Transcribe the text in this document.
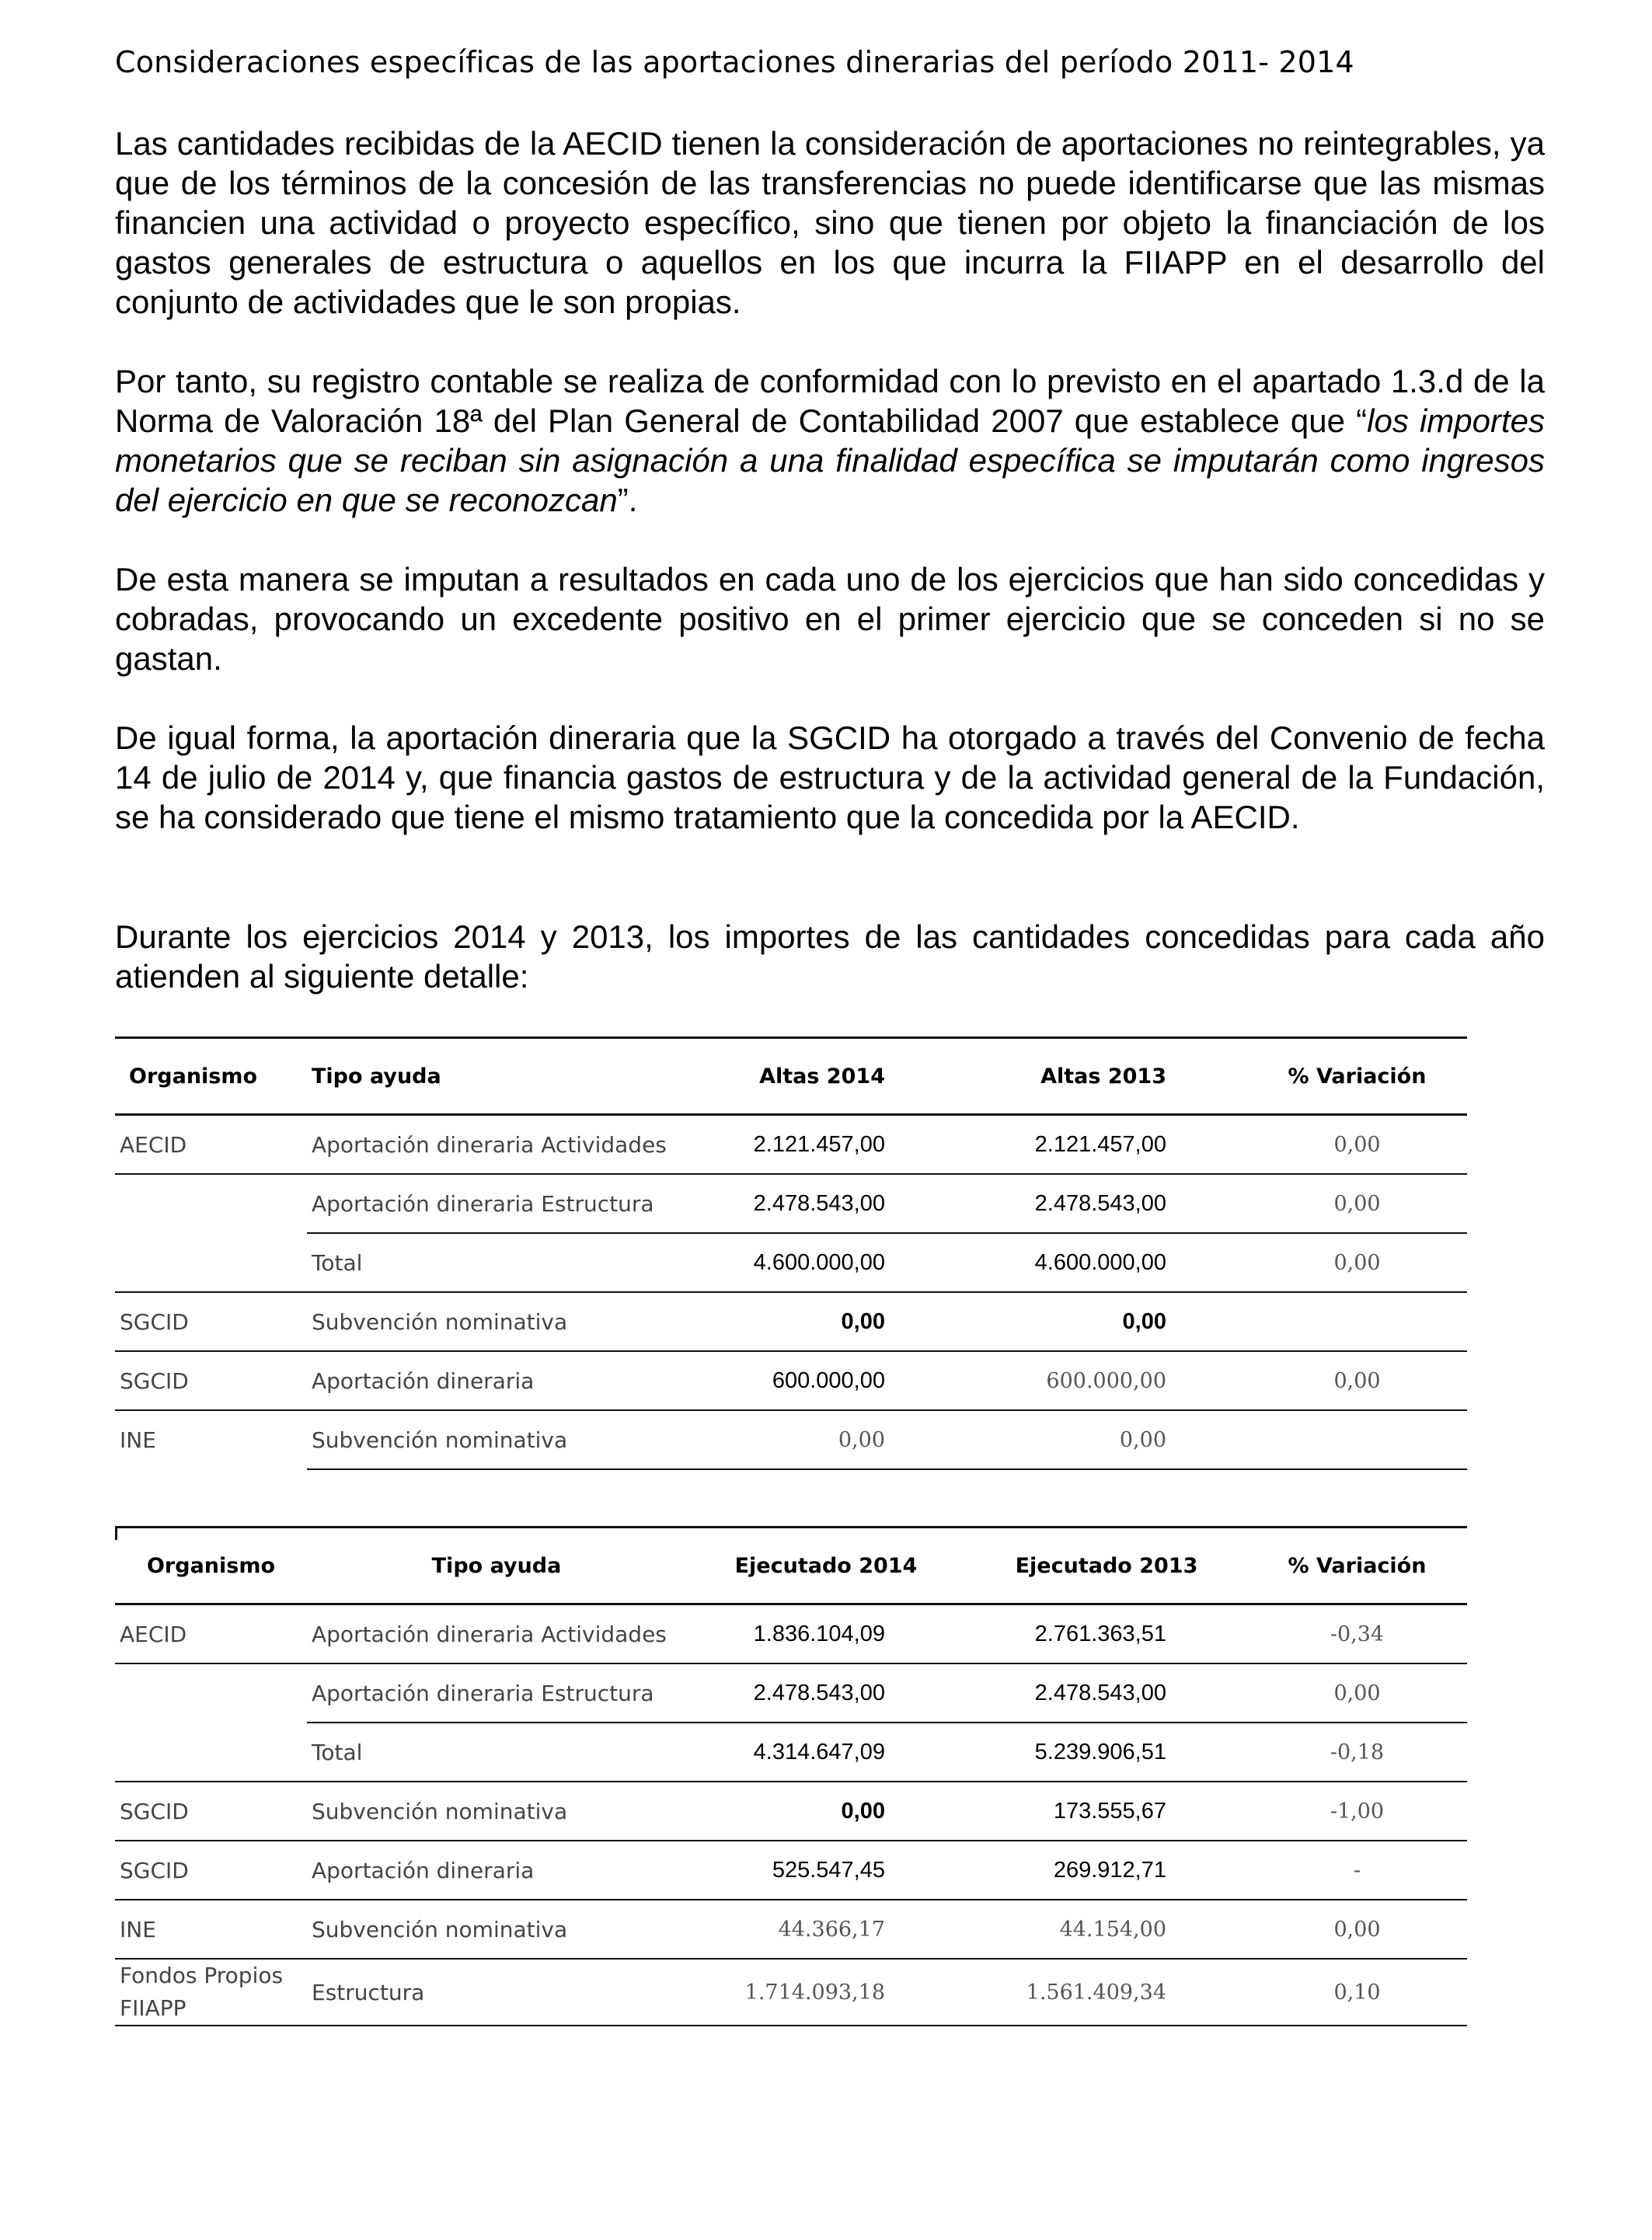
Consideraciones específicas de las aportaciones dinerarias del período 2011- 2014

Las cantidades recibidas de la AECID tienen la consideración de aportaciones no reintegrables, ya que de los términos de la concesión de las transferencias no puede identificarse que las mismas financien una actividad o proyecto específico, sino que tienen por objeto la financiación de los gastos generales de estructura o aquellos en los que incurra la FIIAPP en el desarrollo del conjunto de actividades que le son propias.

Por tanto, su registro contable se realiza de conformidad con lo previsto en el apartado 1.3.d de la Norma de Valoración 18ª del Plan General de Contabilidad 2007 que establece que “los importes monetarios que se reciban sin asignación a una finalidad específica se imputarán como ingresos del ejercicio en que se reconozcan”.

De esta manera se imputan a resultados en cada uno de los ejercicios que han sido concedidas y cobradas, provocando un excedente positivo en el primer ejercicio que se conceden si no se gastan.

De igual forma, la aportación dineraria que la SGCID ha otorgado a través del Convenio de fecha 14 de julio de 2014 y, que financia gastos de estructura y de la actividad general de la Fundación, se ha considerado que tiene el mismo tratamiento que la concedida por la AECID.

Durante los ejercicios 2014 y 2013, los importes de las cantidades concedidas para cada año atienden al siguiente detalle:

Organismo	Tipo ayuda	Altas 2014	Altas 2013	% Variación
AECID	Aportación dineraria Actividades	2.121.457,00	2.121.457,00	0,00
	Aportación dineraria Estructura	2.478.543,00	2.478.543,00	0,00
	Total	4.600.000,00	4.600.000,00	0,00
SGCID	Subvención nominativa	0,00	0,00	
SGCID	Aportación dineraria	600.000,00	600.000,00	0,00
INE	Subvención nominativa	0,00	0,00	
Organismo	Tipo ayuda	Ejecutado 2014	Ejecutado 2013	% Variación
AECID	Aportación dineraria Actividades	1.836.104,09	2.761.363,51	-0,34
	Aportación dineraria Estructura	2.478.543,00	2.478.543,00	0,00
	Total	4.314.647,09	5.239.906,51	-0,18
SGCID	Subvención nominativa	0,00	173.555,67	-1,00
SGCID	Aportación dineraria	525.547,45	269.912,71	-
INE	Subvención nominativa	44.366,17	44.154,00	0,00
Fondos Propios FIIAPP	Estructura	1.714.093,18	1.561.409,34	0,10
